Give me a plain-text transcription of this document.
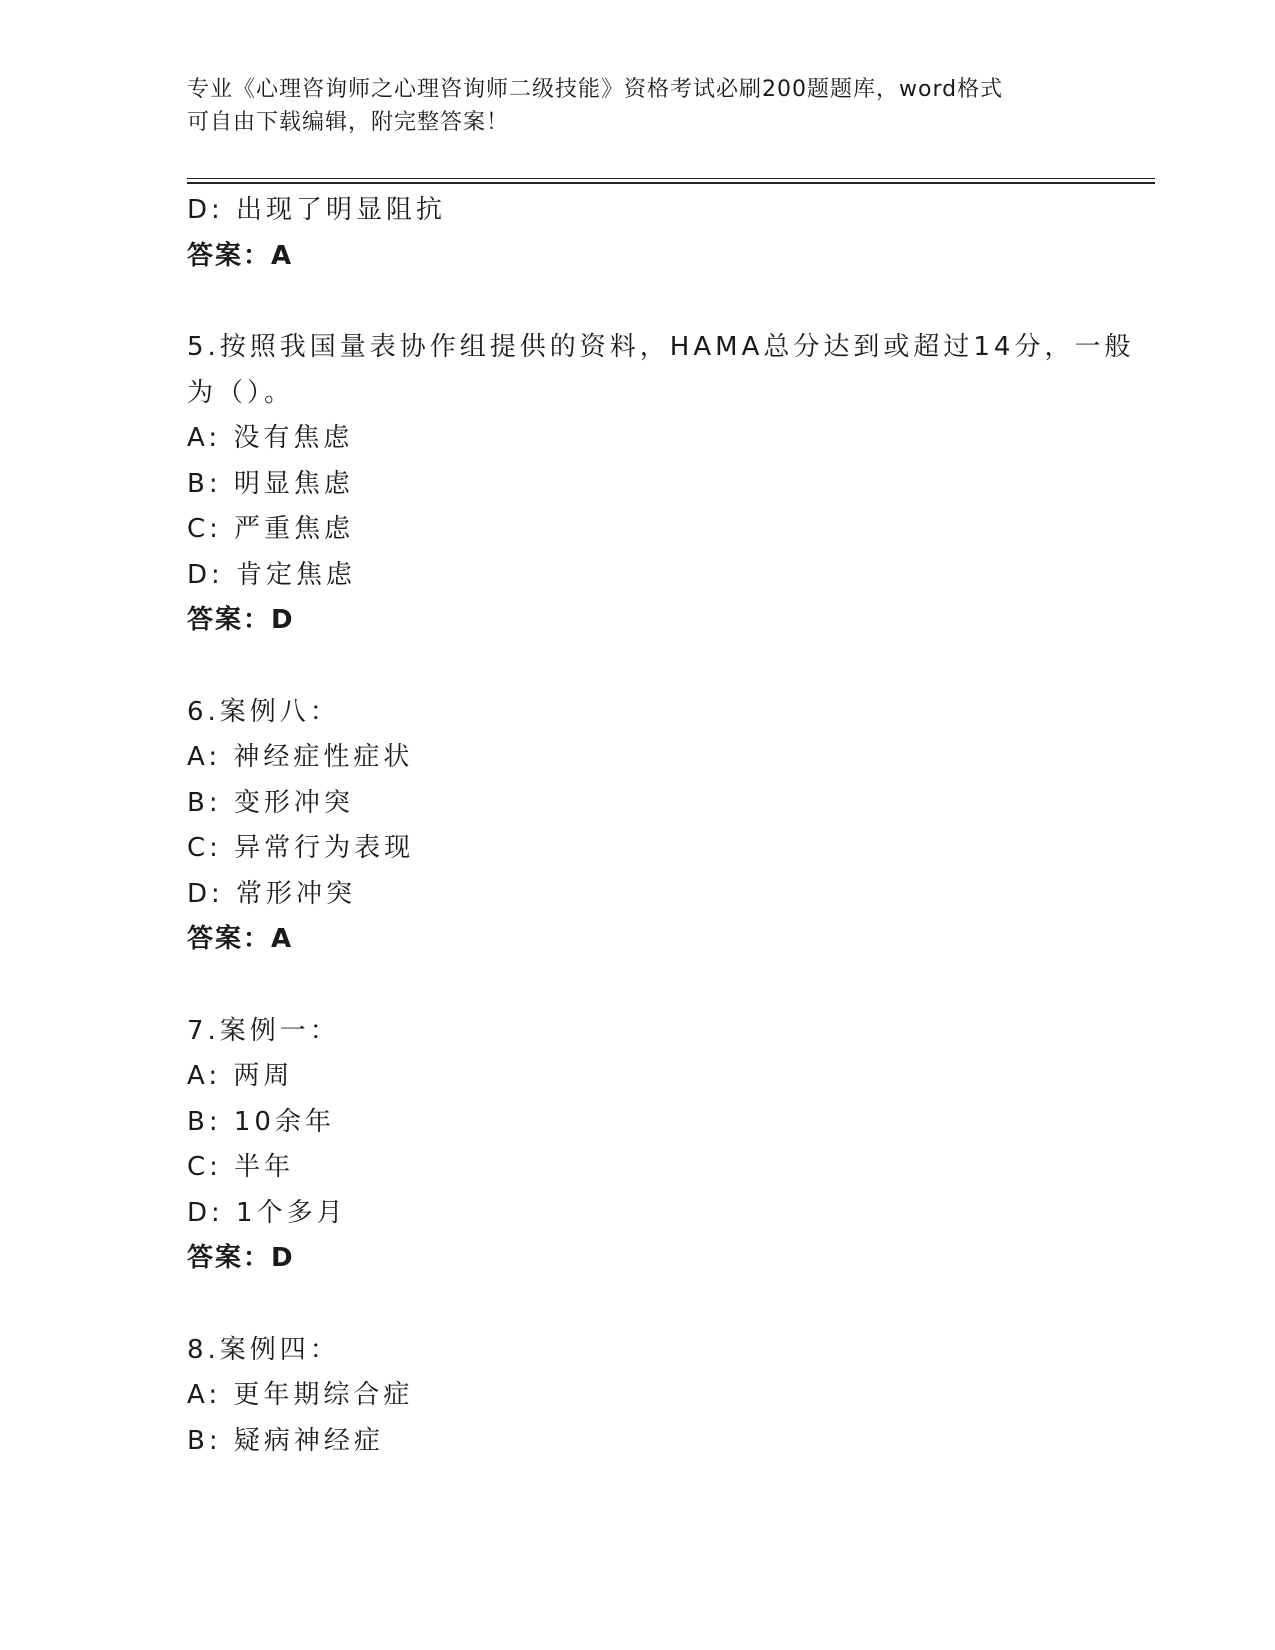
专业《心理咨询师之心理咨询师二级技能》资格考试必刷200题题库，word格式
可自由下载编辑，附完整答案！
D: 出现了明显阻抗
答案：A
5.按照我国量表协作组提供的资料，HAMA总分达到或超过14分，一般
为（）。
A: 没有焦虑
B: 明显焦虑
C: 严重焦虑
D: 肯定焦虑
答案：D
6.案例八：
A: 神经症性症状
B: 变形冲突
C: 异常行为表现
D: 常形冲突
答案：A
7.案例一：
A: 两周
B: 10余年
C: 半年
D: 1个多月
答案：D
8.案例四：
A: 更年期综合症
B: 疑病神经症
